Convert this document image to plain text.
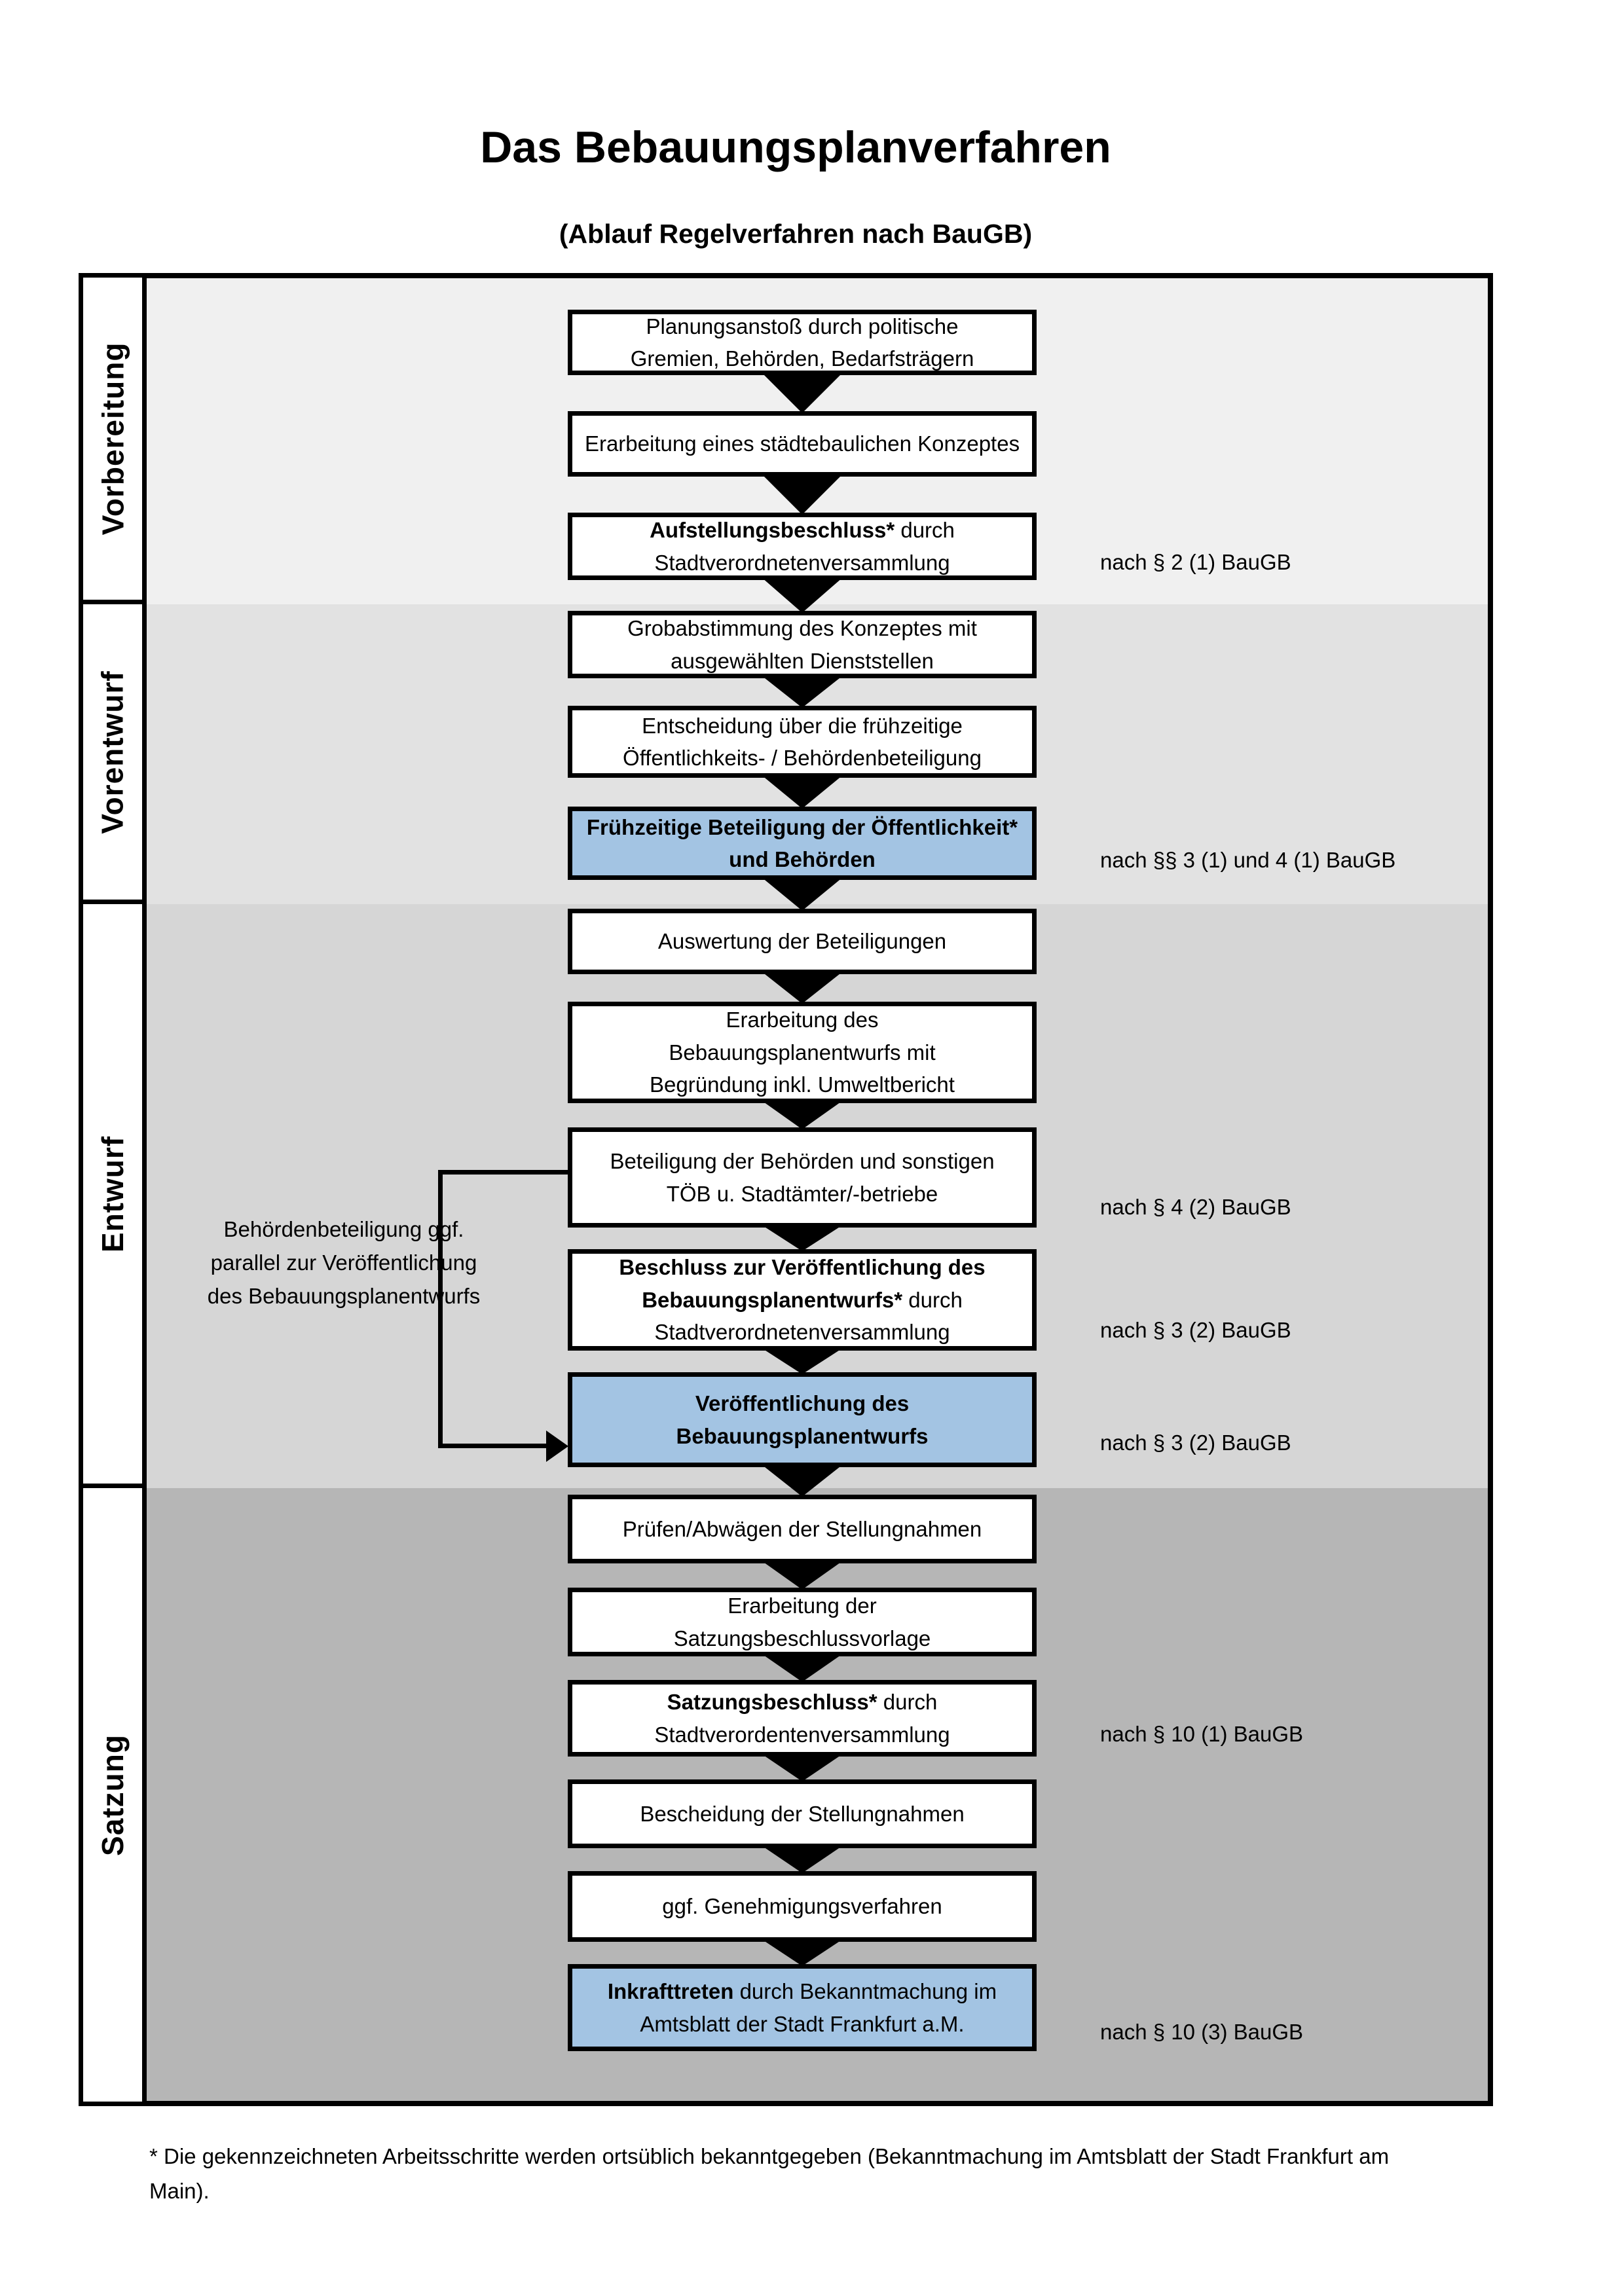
Das Bebauungsplanverfahren
(Ablauf Regelverfahren nach BauGB)
Vorbereitung
Vorentwurf
Entwurf
Satzung
Planungsanstoß durch politische Gremien, Behörden, Bedarfsträgern
Erarbeitung eines städtebaulichen Konzeptes
Aufstellungsbeschluss* durch Stadtverordnetenversammlung
Grobabstimmung des Konzeptes mit ausgewählten Dienststellen
Entscheidung über die frühzeitige Öffentlichkeits- / Behördenbeteiligung
Frühzeitige Beteiligung der Öffentlichkeit* und Behörden
Auswertung der Beteiligungen
Erarbeitung des Bebauungsplanentwurfs mit Begründung inkl. Umweltbericht
Beteiligung der Behörden und sonstigen TÖB u. Stadtämter/-betriebe
Beschluss zur Veröffentlichung des Bebauungsplanentwurfs* durch Stadtverordnetenversammlung
Veröffentlichung des Bebauungsplanentwurfs
Prüfen/Abwägen der Stellungnahmen
Erarbeitung der Satzungsbeschlussvorlage
Satzungsbeschluss* durch Stadtverordentenversammlung
Bescheidung der Stellungnahmen
ggf. Genehmigungsverfahren
Inkrafttreten durch Bekanntmachung im Amtsblatt der Stadt Frankfurt a.M.
nach § 2 (1) BauGB
nach §§ 3 (1) und 4 (1) BauGB
nach § 4 (2) BauGB
nach § 3 (2) BauGB
nach § 3 (2) BauGB
nach § 10 (1) BauGB
nach § 10 (3) BauGB
Behördenbeteiligung ggf. parallel zur Veröffentlichung des Bebauungsplanentwurfs
* Die gekennzeichneten Arbeitsschritte werden ortsüblich bekanntgegeben (Bekanntmachung im Amtsblatt der Stadt Frankfurt am Main).
